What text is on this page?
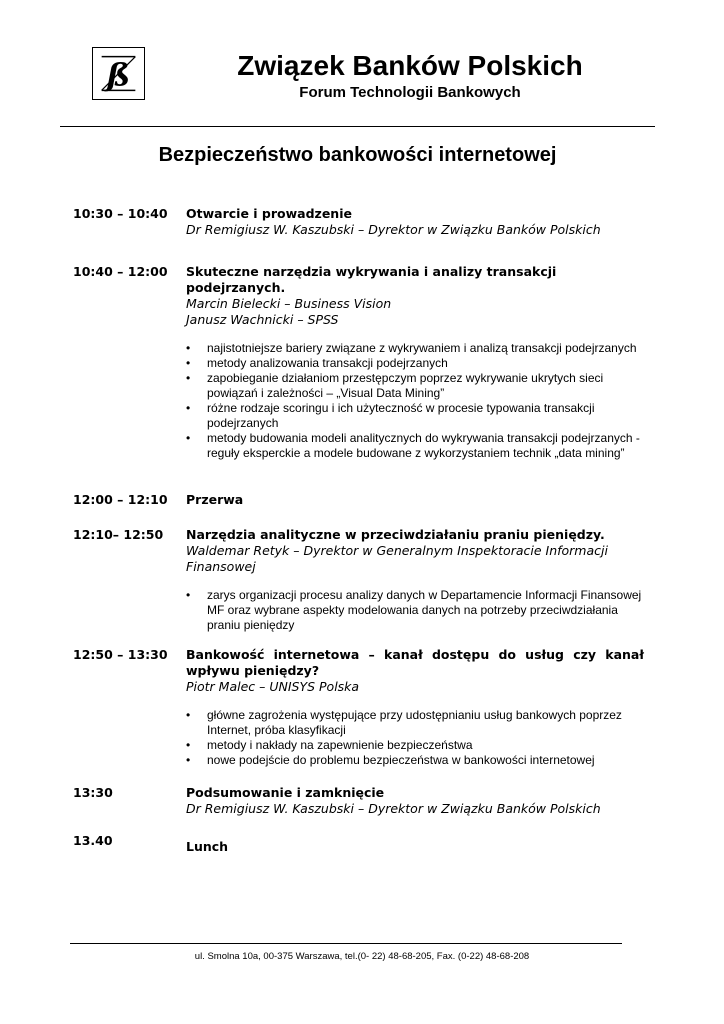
ß	Związek Banków Polskich
Forum Technologii Bankowych
Bezpieczeństwo bankowości internetowej
10:30 – 10:40 Otwarcie i prowadzenie
Dr Remigiusz W. Kaszubski – Dyrektor w Związku Banków Polskich
10:40 – 12:00 Skuteczne narzędzia wykrywania i analizy transakcji podejrzanych.
Marcin Bielecki – Business Vision
Janusz Wachnicki – SPSS
• najistotniejsze bariery związane z wykrywaniem i analizą transakcji podejrzanych
• metody analizowania transakcji podejrzanych
• zapobieganie działaniom przestępczym poprzez wykrywanie ukrytych sieci powiązań i zależności – „Visual Data Mining”
• różne rodzaje scoringu i ich użyteczność w procesie typowania transakcji podejrzanych
• metody budowania modeli analitycznych do wykrywania transakcji podejrzanych - reguły eksperckie a modele budowane z wykorzystaniem technik „data mining”
12:00 – 12:10 Przerwa
12:10– 12:50 Narzędzia analityczne w przeciwdziałaniu praniu pieniędzy.
Waldemar Retyk – Dyrektor w Generalnym Inspektoracie Informacji Finansowej
• zarys organizacji procesu analizy danych w Departamencie Informacji Finansowej MF oraz wybrane aspekty modelowania danych na potrzeby przeciwdziałania praniu pieniędzy
12:50 – 13:30 Bankowość internetowa – kanał dostępu do usług czy kanał wpływu pieniędzy?
Piotr Malec – UNISYS Polska
• główne zagrożenia występujące przy udostępnianiu usług bankowych poprzez Internet, próba klasyfikacji
• metody i nakłady na zapewnienie bezpieczeństwa
• nowe podejście do problemu bezpieczeństwa w bankowości internetowej
13:30	Podsumowanie i zamknięcie
Dr Remigiusz W. Kaszubski – Dyrektor w Związku Banków Polskich
13.40	Lunch
ul. Smolna 10a, 00-375 Warszawa, tel.(0- 22) 48-68-205, Fax. (0-22) 48-68-208
